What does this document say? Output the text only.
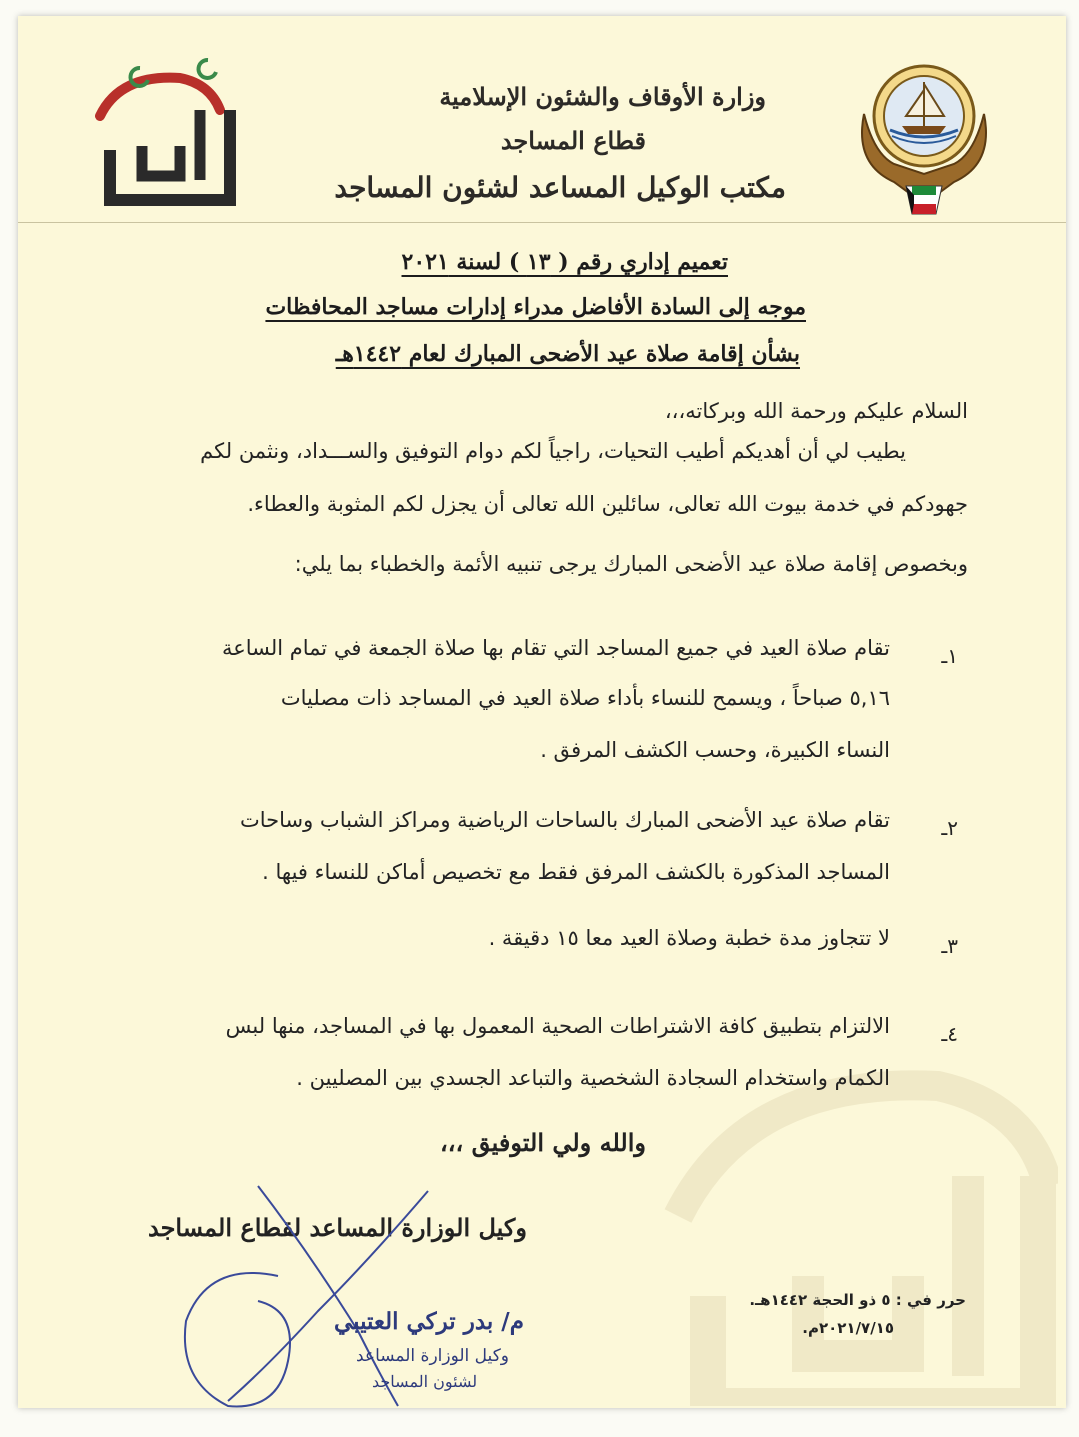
وزارة الأوقاف والشئون الإسلامية
قطاع المساجد
مكتب الوكيل المساعد لشئون المساجد
تعميم إداري رقم ( ١٣ ) لسنة ٢٠٢١
موجه إلى السادة الأفاضل مدراء إدارات مساجد المحافظات
بشأن إقامة صلاة عيد الأضحى المبارك لعام ١٤٤٢هـ
السلام عليكم ورحمة الله وبركاته،،،
يطيب لي أن أهديكم أطيب التحيات، راجياً لكم دوام التوفيق والســـداد، ونثمن لكم
جهودكم في خدمة بيوت الله تعالى، سائلين الله تعالى أن يجزل لكم المثوبة والعطاء.
وبخصوص إقامة صلاة عيد الأضحى المبارك يرجى تنبيه الأئمة والخطباء بما يلي:
١ـ
تقام صلاة العيد في جميع المساجد التي تقام بها صلاة الجمعة في تمام الساعة
٥,١٦ صباحاً ، ويسمح للنساء بأداء صلاة العيد في المساجد ذات مصليات
النساء الكبيرة، وحسب الكشف المرفق .
٢ـ
تقام صلاة عيد الأضحى المبارك بالساحات الرياضية ومراكز الشباب وساحات
المساجد المذكورة بالكشف المرفق فقط مع تخصيص أماكن للنساء فيها .
٣ـ
لا تتجاوز مدة خطبة وصلاة العيد معا ١٥ دقيقة .
٤ـ
الالتزام بتطبيق كافة الاشتراطات الصحية المعمول بها في المساجد، منها لبس
الكمام واستخدام السجادة الشخصية والتباعد الجسدي بين المصليين .
والله ولي التوفيق ،،،
وكيل الوزارة المساعد لقطاع المساجد
م/ بدر تركي العتيبي
وكيل الوزارة المساعد
لشئون المساجد
حرر في : ٥ ذو الحجة ١٤٤٢هـ.
٢٠٢١/٧/١٥م.
